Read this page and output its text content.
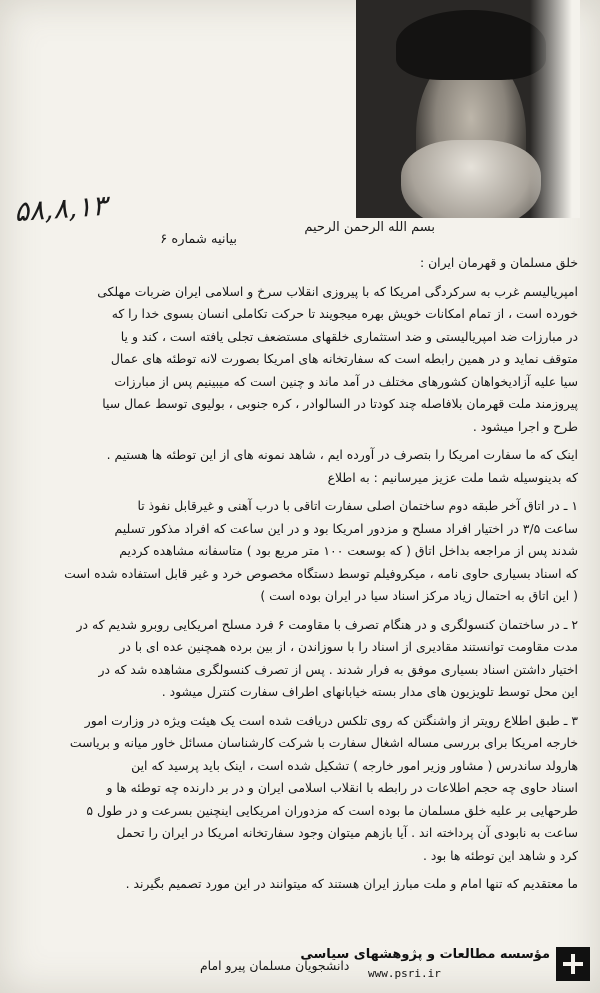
۵۸,۸,۱۳	بسم الله الرحمن الرحيم
بيانيه شماره ۶
خلق مسلمان و قهرمان ایران :
امپریالیسم غرب به سرکردگی امریکا که با پیروزی انقلاب سرخ و اسلامی ایران ضربات مهلکی
خورده است ، از تمام امکانات خویش بهره میجویند تا حرکت تکاملی انسان بسوی خدا را که
در مبارزات ضد امپریالیستی و ضد استثماری خلقهای مستضعف تجلی یافته است ، کند و یا
متوقف نماید و در همین رابطه است که سفارتخانه های امریکا بصورت لانه توطئه های عمال
سیا علیه آزادیخواهان کشورهای مختلف در آمد ماند و چنین است که میبینیم پس از مبارزات
پیروزمند ملت قهرمان بلافاصله چند کودتا در السالوادر ، کره جنوبی ، بولیوی توسط عمال سیا
طرح و اجرا میشود .
اینک که ما سفارت امریکا را بتصرف در آورده ایم ، شاهد نمونه های از این توطئه ها هستیم .
که بدینوسیله شما ملت عزیز میرسانیم : به اطلاع
۱ ـ در اتاق آخر طبقه دوم ساختمان اصلی سفارت اتاقی با درب آهنی و غیرقابل نفوذ تا
ساعت ۳/۵ در اختیار افراد مسلح و مزدور امریکا بود و در این ساعت که افراد مذکور تسلیم
شدند پس از مراجعه بداخل اتاق ( که بوسعت ۱۰۰ متر مربع بود ) متاسفانه مشاهده کردیم
که اسناد بسیاری حاوی نامه ، میکروفیلم توسط دستگاه مخصوص خرد و غیر قابل استفاده شده است
( این اتاق به احتمال زیاد مرکز اسناد سیا در ایران بوده است )
۲ ـ در ساختمان کنسولگری و در هنگام تصرف با مقاومت ۶ فرد مسلح امریکایی روبرو شدیم که در
مدت مقاومت توانستند مقادیری از اسناد را با سوزاندن ، از بین برده همچنین عده ای با در
اختیار داشتن اسناد بسیاری موفق به فرار شدند . پس از تصرف کنسولگری مشاهده شد که در
این محل توسط تلویزیون های مدار بسته خیابانهای اطراف سفارت کنترل میشود .
۳ ـ طبق اطلاع رویتر از واشنگتن که روی تلکس دریافت شده است یک هیئت ویژه در وزارت امور
خارجه امریکا برای بررسی مساله اشغال سفارت با شرکت کارشناسان مسائل خاور میانه و بریاست
هارولد ساندرس ( مشاور وزیر امور خارجه ) تشکیل شده است ، اینک باید پرسید که این
اسناد حاوی چه حجم اطلاعات در رابطه با انقلاب اسلامی ایران و در بر دارنده چه توطئه ها و
طرحهایی بر علیه خلق مسلمان ما بوده است که مزدوران امریکایی اینچنین بسرعت و در طول ۵
ساعت به نابودی آن پرداخته اند . آیا بازهم میتوان وجود سفارتخانه امریکا در ایران را تحمل
کرد و شاهد این توطئه ها بود .
ما معتقدیم که تنها امام و ملت مبارز ایران هستند که میتوانند در این مورد تصمیم بگیرند .
دانشجویان مسلمان پیرو امام
مؤسسه مطالعات و پژوهشهای سیاسی
www.psri.ir
